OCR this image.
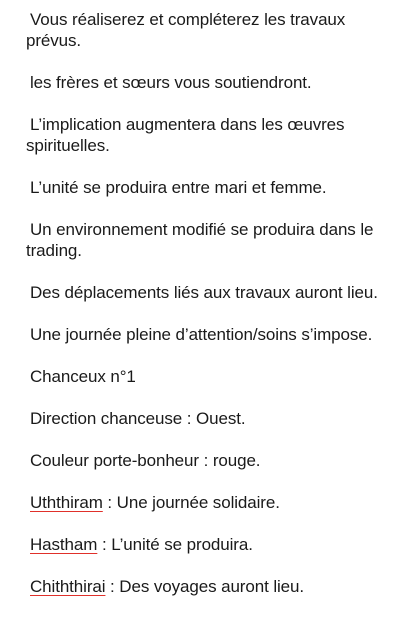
Vous réaliserez et compléterez les travaux prévus.

les frères et sœurs vous soutiendront.

L’implication augmentera dans les œuvres spirituelles.

L’unité se produira entre mari et femme.

Un environnement modifié se produira dans le trading.

Des déplacements liés aux travaux auront lieu.

Une journée pleine d’attention/soins s’impose.

Chanceux n°1

Direction chanceuse : Ouest.

Couleur porte-bonheur : rouge.

Uththiram : Une journée solidaire.

Hastham : L’unité se produira.

Chiththirai : Des voyages auront lieu.
